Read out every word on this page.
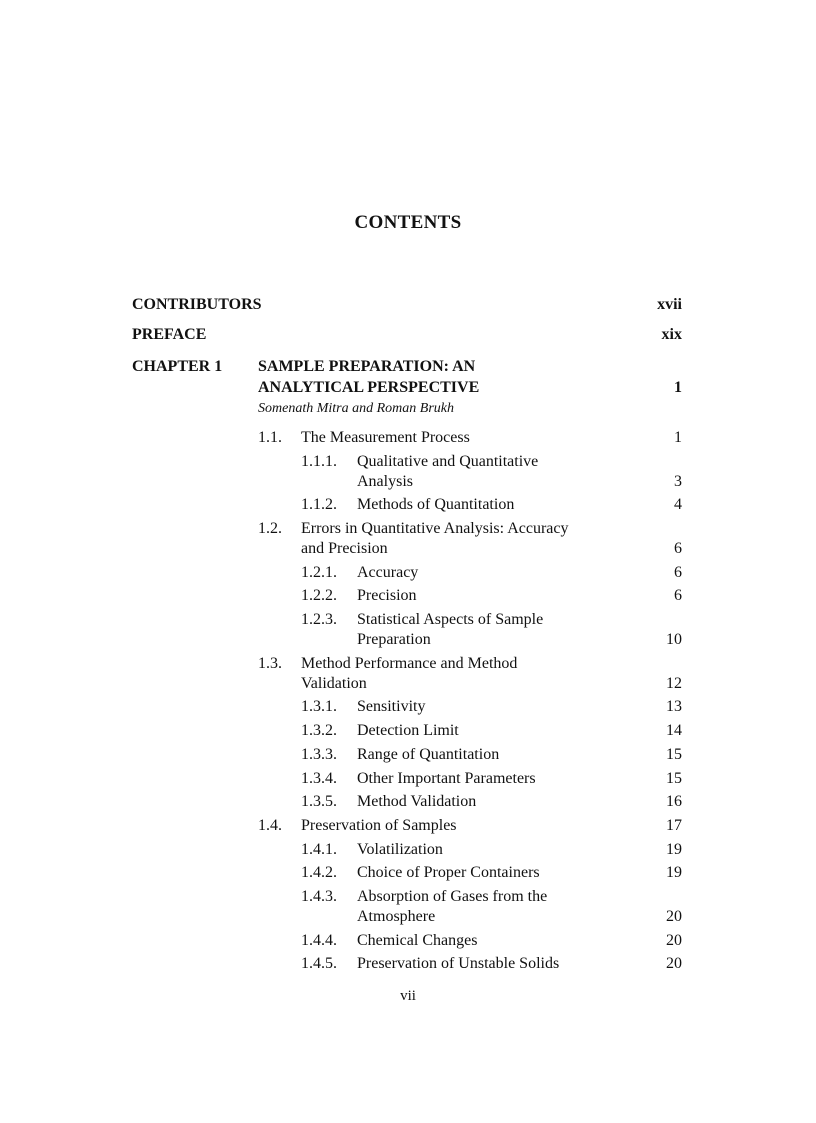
CONTENTS
CONTRIBUTORS	xvii
PREFACE	xix
CHAPTER 1 SAMPLE PREPARATION: AN
ANALYTICAL PERSPECTIVE	1
Somenath Mitra and Roman Brukh
1.1. The Measurement Process	1
1.1.1. Qualitative and Quantitative
Analysis	3
1.1.2. Methods of Quantitation	4
1.2. Errors in Quantitative Analysis: Accuracy
and Precision	6
1.2.1. Accuracy	6
1.2.2. Precision	6
1.2.3. Statistical Aspects of Sample
Preparation	10
1.3. Method Performance and Method
Validation	12
1.3.1. Sensitivity	13
1.3.2. Detection Limit	14
1.3.3. Range of Quantitation	15
1.3.4. Other Important Parameters	15
1.3.5. Method Validation	16
1.4. Preservation of Samples	17
1.4.1. Volatilization	19
1.4.2. Choice of Proper Containers	19
1.4.3. Absorption of Gases from the
Atmosphere	20
1.4.4. Chemical Changes	20
1.4.5. Preservation of Unstable Solids	20
vii
